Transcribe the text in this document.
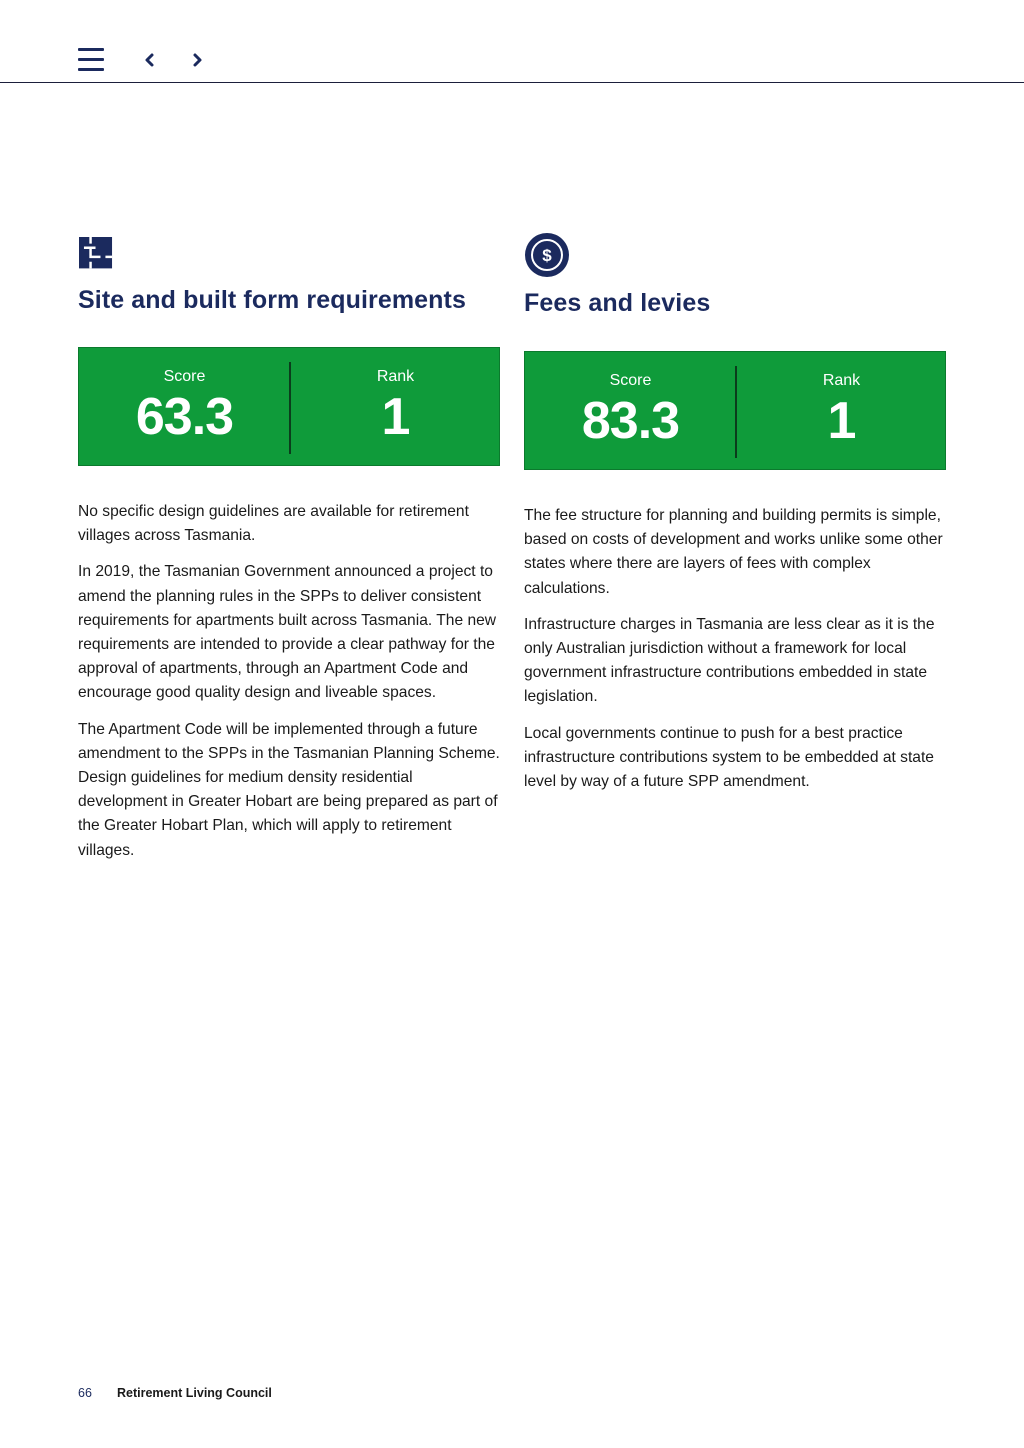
Site and built form requirements
Score
63.3
Rank
1

No specific design guidelines are available for retirement villages across Tasmania.

In 2019, the Tasmanian Government announced a project to amend the planning rules in the SPPs to deliver consistent requirements for apartments built across Tasmania. The new requirements are intended to provide a clear pathway for the approval of apartments, through an Apartment Code and encourage good quality design and liveable spaces.

The Apartment Code will be implemented through a future amendment to the SPPs in the Tasmanian Planning Scheme. Design guidelines for medium density residential development in Greater Hobart are being prepared as part of the Greater Hobart Plan, which will apply to retirement villages.

$
Fees and levies
Score
83.3
Rank
1

The fee structure for planning and building permits is simple, based on costs of development and works unlike some other states where there are layers of fees with complex calculations.

Infrastructure charges in Tasmania are less clear as it is the only Australian jurisdiction without a framework for local government infrastructure contributions embedded in state legislation.

Local governments continue to push for a best practice infrastructure contributions system to be embedded at state level by way of a future SPP amendment.

66 Retirement Living Council
